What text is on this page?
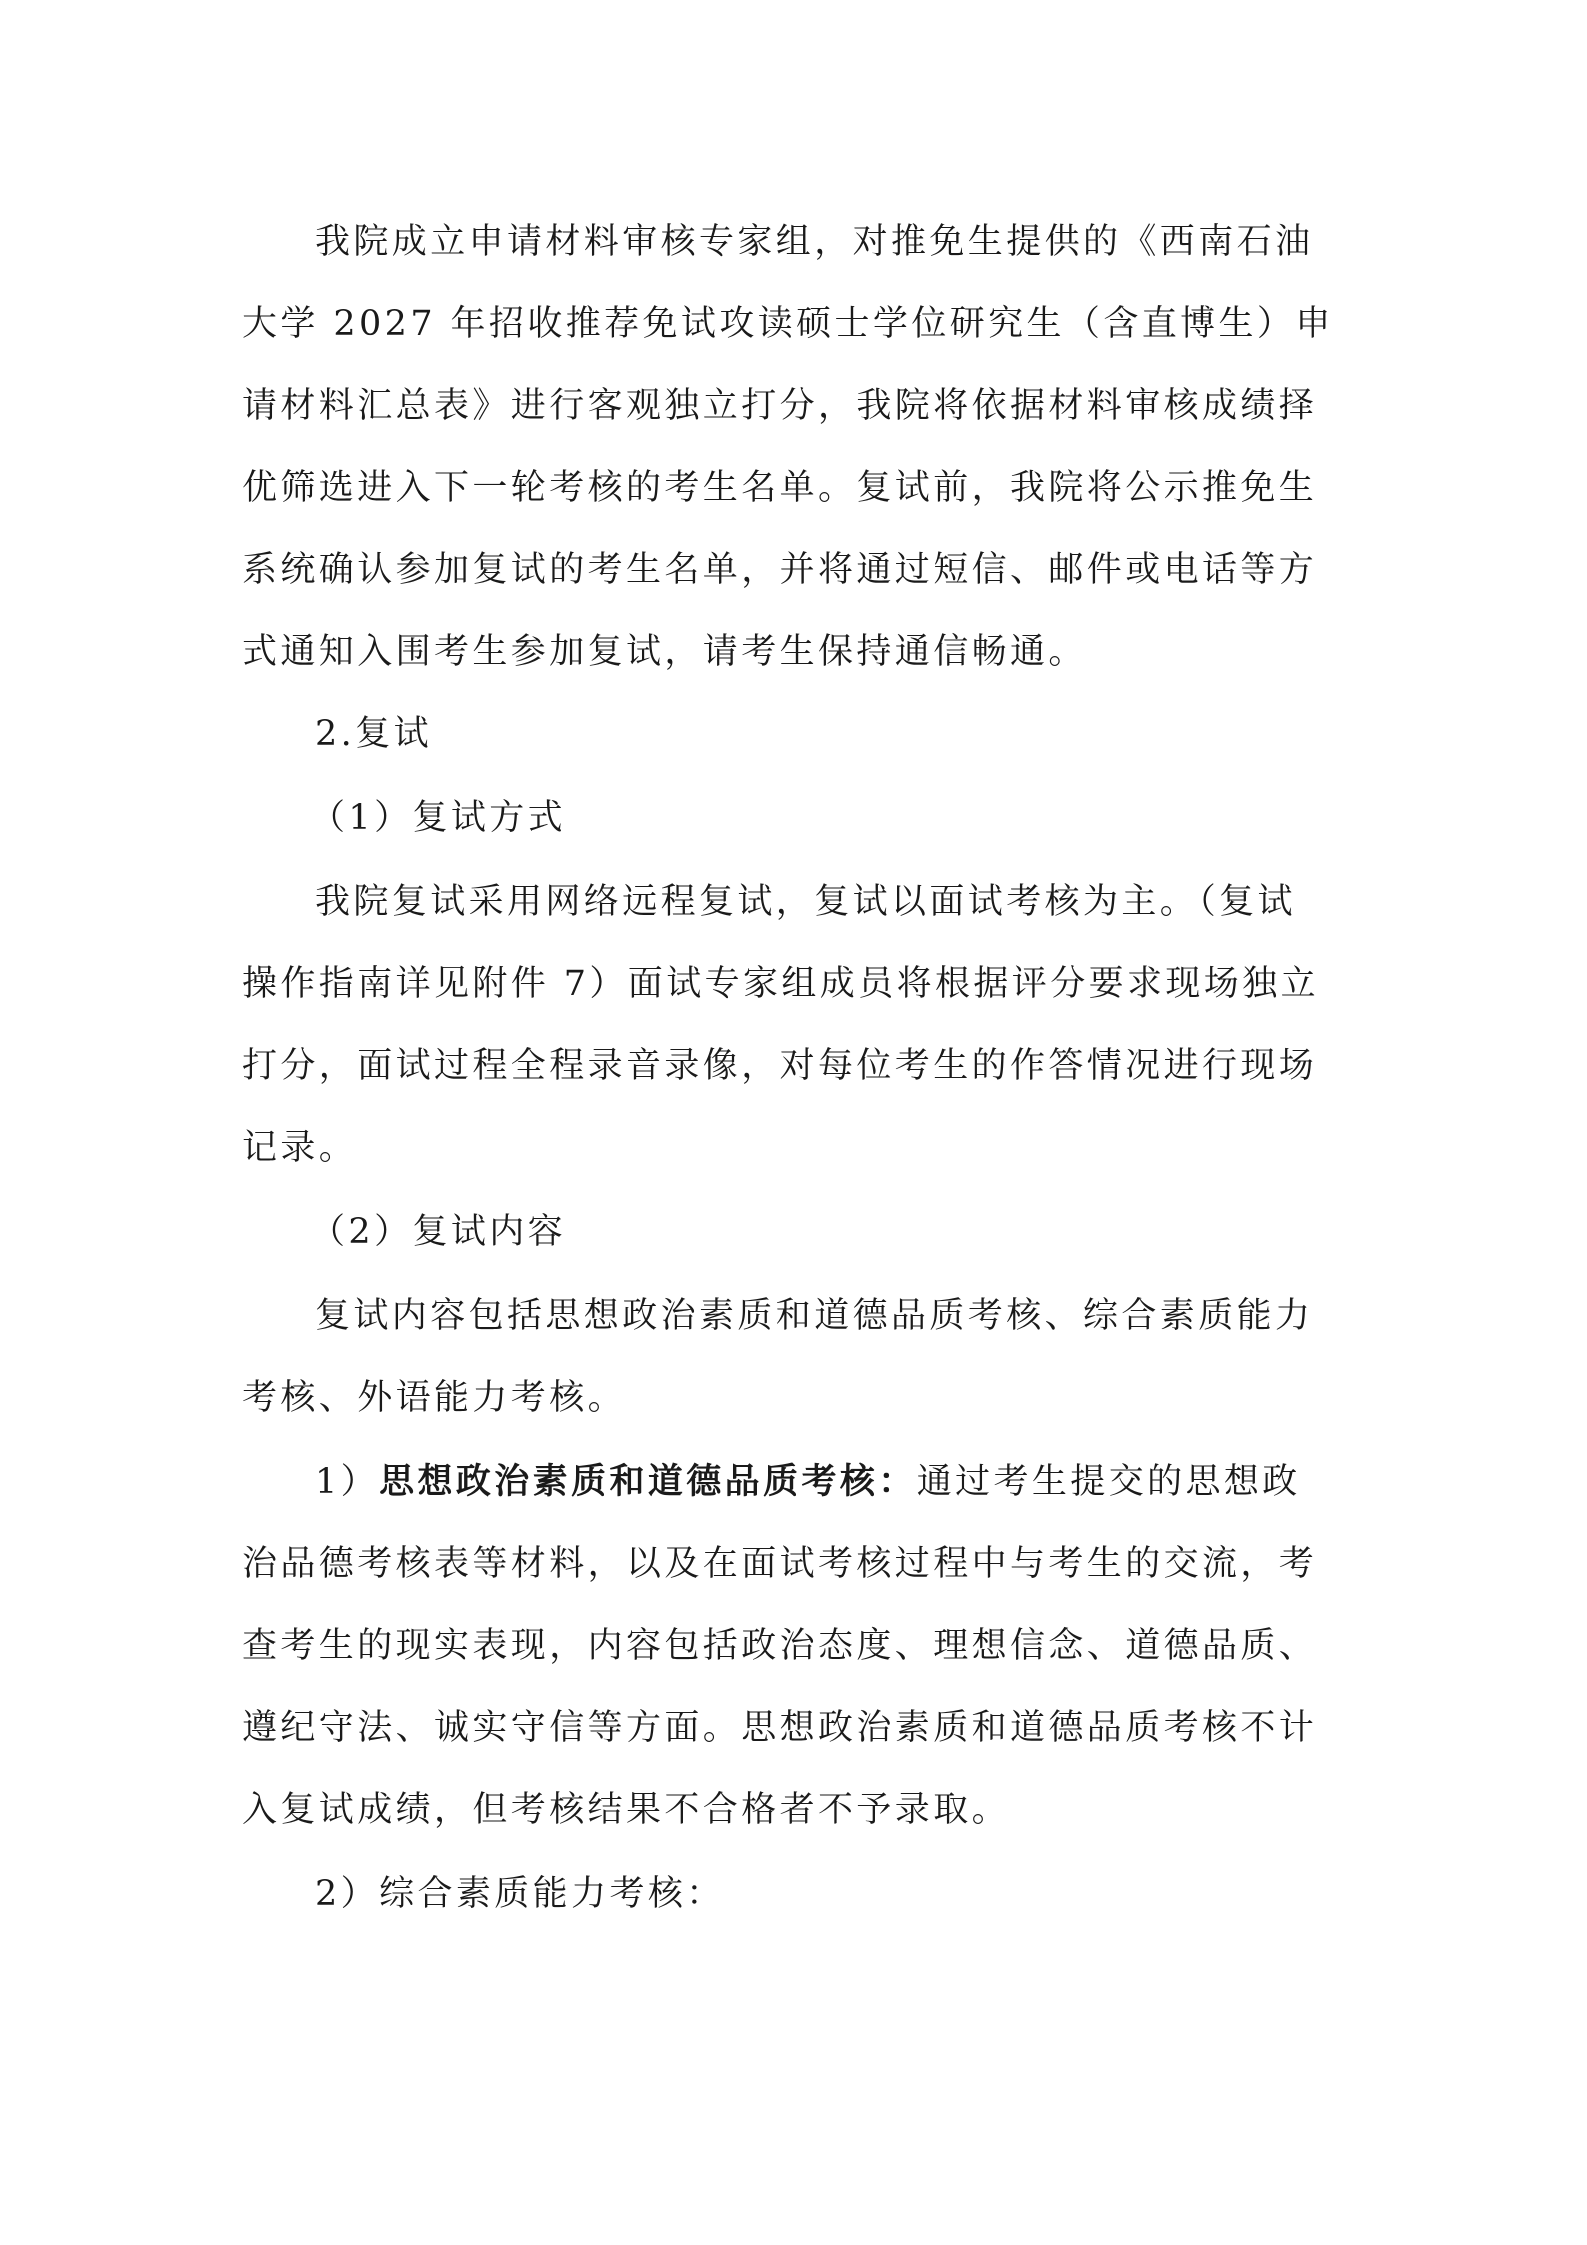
我院成立申请材料审核专家组，对推免生提供的《西南石油

大学 2027 年招收推荐免试攻读硕士学位研究生（含直博生）申

请材料汇总表》进行客观独立打分，我院将依据材料审核成绩择

优筛选进入下一轮考核的考生名单。复试前，我院将公示推免生

系统确认参加复试的考生名单，并将通过短信、邮件或电话等方

式通知入围考生参加复试，请考生保持通信畅通。

2.复试

（1）复试方式

我院复试采用网络远程复试，复试以面试考核为主。（复试

操作指南详见附件 7）面试专家组成员将根据评分要求现场独立

打分，面试过程全程录音录像，对每位考生的作答情况进行现场

记录。

（2）复试内容

复试内容包括思想政治素质和道德品质考核、综合素质能力

考核、外语能力考核。

1）思想政治素质和道德品质考核：通过考生提交的思想政

治品德考核表等材料，以及在面试考核过程中与考生的交流，考

查考生的现实表现，内容包括政治态度、理想信念、道德品质、

遵纪守法、诚实守信等方面。思想政治素质和道德品质考核不计

入复试成绩，但考核结果不合格者不予录取。

2）综合素质能力考核：
